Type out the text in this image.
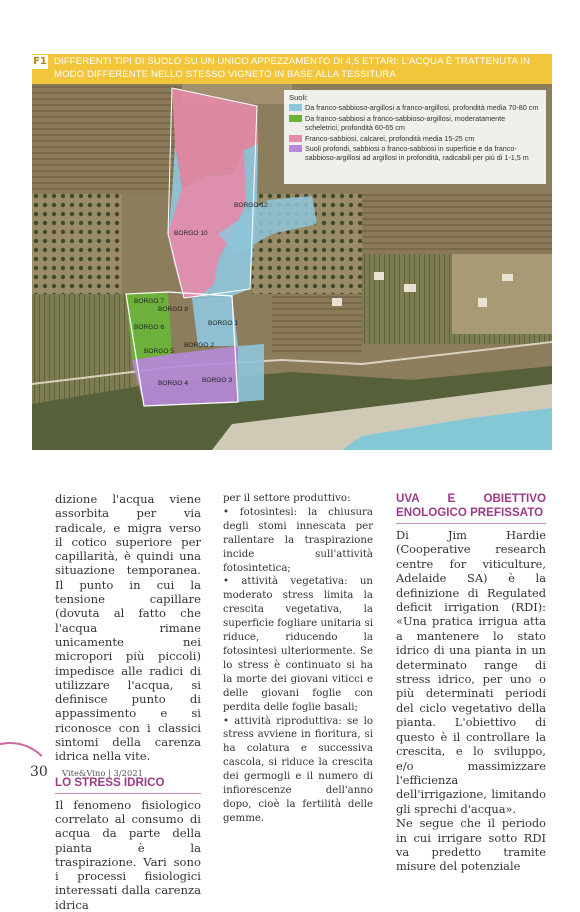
F1 DIFFERENTI TIPI DI SUOLO SU UN UNICO APPEZZAMENTO DI 4,5 ETTARI: L'ACQUA È TRATTENUTA IN MODO DIFFERENTE NELLO STESSO VIGNETO IN BASE ALLA TESSITURA
Suoli:
Da franco-sabbioso-argillosi a franco-argillosi, profondità media 70-80 cm
Da franco-sabbiosi a franco-sabbioso-argillosi, moderatamente scheletrici, profondità 60-65 cm
Franco-sabbiosi, calcarei, profondità media 15-25 cm
Suoli profondi, sabbiosi o franco-sabbiosi in superficie e da franco-sabbioso-argillosi ad argillosi in profondità, radicabili per più di 1-1,5 m
BORGO 12
BORGO 10
BORGO 7
BORGO 8
BORGO 6
BORGO 1
BORGO 2
BORGO 5
BORGO 4 BORGO 3

dizione l'acqua viene assorbita per via radicale, e migra verso il cotico superiore per capillarità, è quindi una situazione temporanea. Il punto in cui la tensione capillare (dovuta al fatto che l'acqua rimane unicamente nei micropori più piccoli) impedisce alle radici di utilizzare l'acqua, si definisce punto di appassimento e si riconosce con i classici sintomi della carenza idrica nella vite.

LO STRESS IDRICO

Il fenomeno fisiologico correlato al consumo di acqua da parte della pianta è la traspirazione. Vari sono i processi fisiologici interessati dalla carenza idrica

per il settore produttivo:

• fotosintesi: la chiusura degli stomi innescata per rallentare la traspirazione incide sull'attività fotosintetica;

• attività vegetativa: un moderato stress limita la crescita vegetativa, la superficie fogliare unitaria si riduce, riducendo la fotosintesi ulteriormente. Se lo stress è continuato si ha la morte dei giovani viticci e delle giovani foglie con perdita delle foglie basali;

• attività riproduttiva: se lo stress avviene in fioritura, si ha colatura e successiva cascola, si riduce la crescita dei germogli e il numero di infiorescenze dell'anno dopo, cioè la fertilità delle gemme.

UVA E OBIETTIVO ENOLOGICO PREFISSATO

Di Jim Hardie (Cooperative research centre for viticulture, Adelaide SA) è la definizione di Regulated deficit irrigation (RDI): «Una pratica irrigua atta a mantenere lo stato idrico di una pianta in un determinato range di stress idrico, per uno o più determinati periodi del ciclo vegetativo della pianta. L'obiettivo di questo è il controllare la crescita, e lo sviluppo, e/o massimizzare l'efficienza dell'irrigazione, limitando gli sprechi d'acqua».

Ne segue che il periodo in cui irrigare sotto RDI va predetto tramite misure del potenziale

30 Vite&Vino | 3/2021
